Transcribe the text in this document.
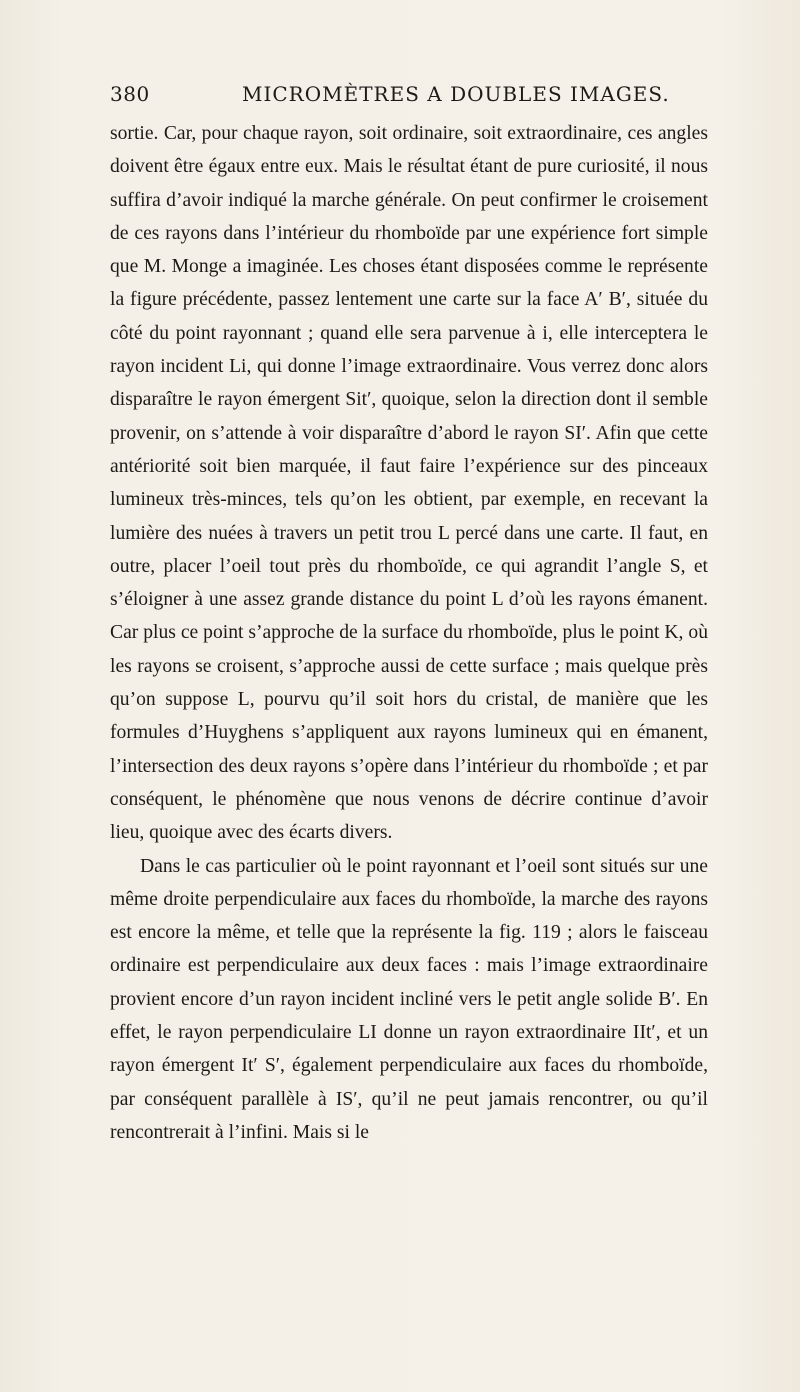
380	MICROMÈTRES A DOUBLES IMAGES.

sortie. Car, pour chaque rayon, soit ordinaire, soit extraordinaire, ces angles doivent être égaux entre eux. Mais le résultat étant de pure curiosité, il nous suffira d’avoir indiqué la marche générale. On peut confirmer le croisement de ces rayons dans l’intérieur du rhomboïde par une expérience fort simple que M. Monge a imaginée. Les choses étant disposées comme le représente la figure précédente, passez lentement une carte sur la face A′ B′, située du côté du point rayonnant ; quand elle sera parvenue à i, elle interceptera le rayon incident Li, qui donne l’image extraordinaire. Vous verrez donc alors disparaître le rayon émergent Sit′, quoique, selon la direction dont il semble provenir, on s’attende à voir disparaître d’abord le rayon SI′. Afin que cette antériorité soit bien marquée, il faut faire l’expérience sur des pinceaux lumineux très-minces, tels qu’on les obtient, par exemple, en recevant la lumière des nuées à travers un petit trou L percé dans une carte. Il faut, en outre, placer l’oeil tout près du rhomboïde, ce qui agrandit l’angle S, et s’éloigner à une assez grande distance du point L d’où les rayons émanent. Car plus ce point s’approche de la surface du rhomboïde, plus le point K, où les rayons se croisent, s’approche aussi de cette surface ; mais quelque près qu’on suppose L, pourvu qu’il soit hors du cristal, de manière que les formules d’Huyghens s’appliquent aux rayons lumineux qui en émanent, l’intersection des deux rayons s’opère dans l’intérieur du rhomboïde ; et par conséquent, le phénomène que nous venons de décrire continue d’avoir lieu, quoique avec des écarts divers.

Dans le cas particulier où le point rayonnant et l’oeil sont situés sur une même droite perpendiculaire aux faces du rhomboïde, la marche des rayons est encore la même, et telle que la représente la fig. 119 ; alors le faisceau ordinaire est perpendiculaire aux deux faces : mais l’image extraordinaire provient encore d’un rayon incident incliné vers le petit angle solide B′. En effet, le rayon perpendiculaire LI donne un rayon extraordinaire IIt′, et un rayon émergent It′ S′, également perpendiculaire aux faces du rhomboïde, par conséquent parallèle à IS′, qu’il ne peut jamais rencontrer, ou qu’il rencontrerait à l’infini. Mais si le
